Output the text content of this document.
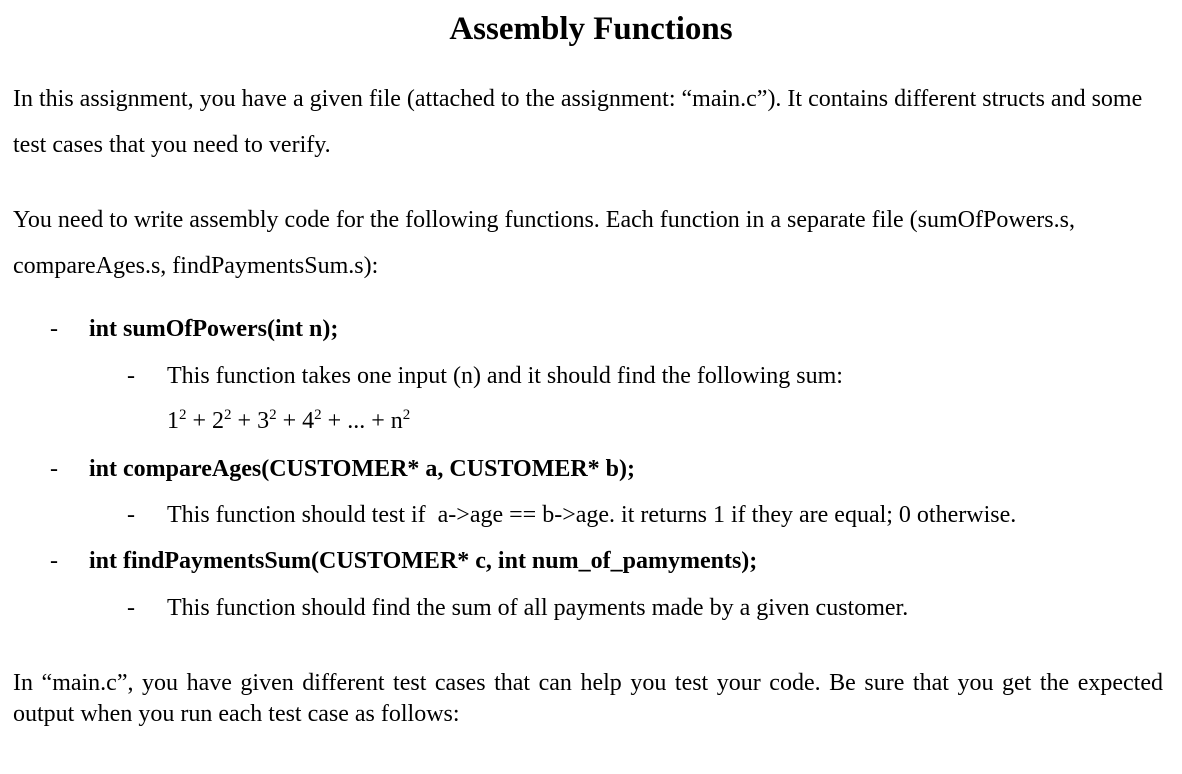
Assembly Functions

In this assignment, you have a given file (attached to the assignment: “main.c”). It contains different structs and some test cases that you need to verify.

You need to write assembly code for the following functions. Each function in a separate file (sumOfPowers.s, compareAges.s, findPaymentsSum.s):

- int sumOfPowers(int n);
- This function takes one input (n) and it should find the following sum:
$1^2 + 2^2 + 3^2 + 4^2$ + ... + $n^2$
- int compareAges(CUSTOMER* a, CUSTOMER* b);
- This function should test if  a->age == b->age. it returns 1 if they are equal; 0 otherwise.
- int findPaymentsSum(CUSTOMER* c, int num_of_pamyments);
- This function should find the sum of all payments made by a given customer.

In “main.c”, you have given different test cases that can help you test your code. Be sure that you get the expected output when you run each test case as follows:
